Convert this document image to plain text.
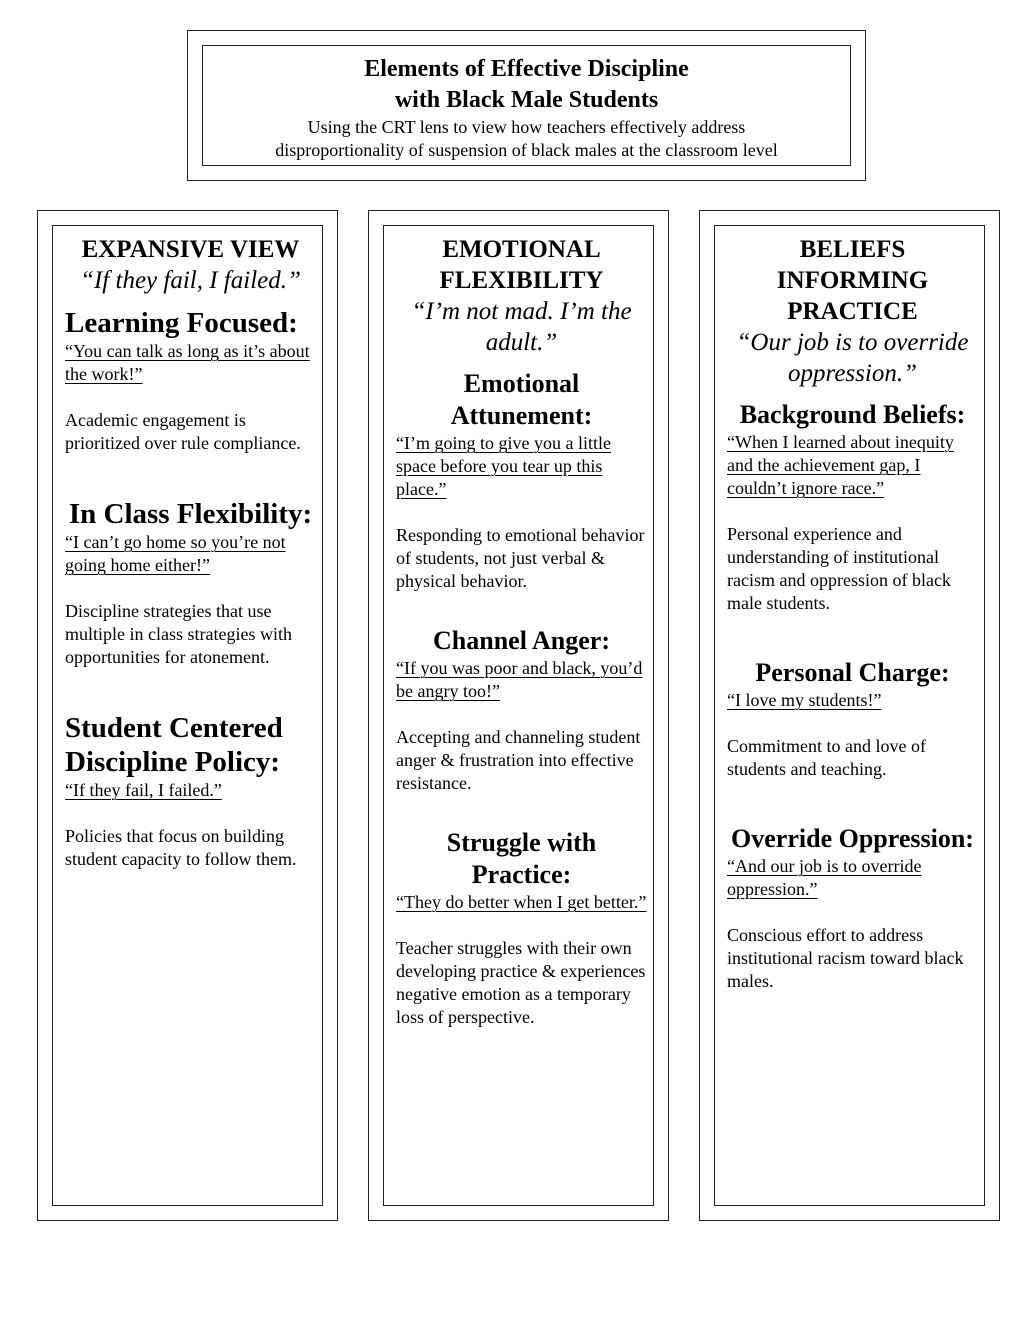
Elements of Effective Discipline
with Black Male Students
Using the CRT lens to view how teachers effectively address
disproportionality of suspension of black males at the classroom level
EXPANSIVE VIEW
“If they fail, I failed.”
Learning Focused:
“You can talk as long as it’s about the work!”
Academic engagement is prioritized over rule compliance.
In Class Flexibility:
“I can’t go home so you’re not going home either!”
Discipline strategies that use multiple in class strategies with opportunities for atonement.
Student Centered Discipline Policy:
“If they fail, I failed.”
Policies that focus on building student capacity to follow them.
EMOTIONAL FLEXIBILITY
“I’m not mad. I’m the adult.”
Emotional Attunement:
“I’m going to give you a little space before you tear up this place.”
Responding to emotional behavior of students, not just verbal & physical behavior.
Channel Anger:
“If you was poor and black, you’d be angry too!”
Accepting and channeling student anger & frustration into effective resistance.
Struggle with Practice:
“They do better when I get better.”
Teacher struggles with their own developing practice & experiences negative emotion as a temporary loss of perspective.
BELIEFS INFORMING PRACTICE
“Our job is to override oppression.”
Background Beliefs:
“When I learned about inequity and the achievement gap, I couldn’t ignore race.”
Personal experience and understanding of institutional racism and oppression of black male students.
Personal Charge:
“I love my students!”
Commitment to and love of students and teaching.
Override Oppression:
“And our job is to override oppression.”
Conscious effort to address institutional racism toward black males.
